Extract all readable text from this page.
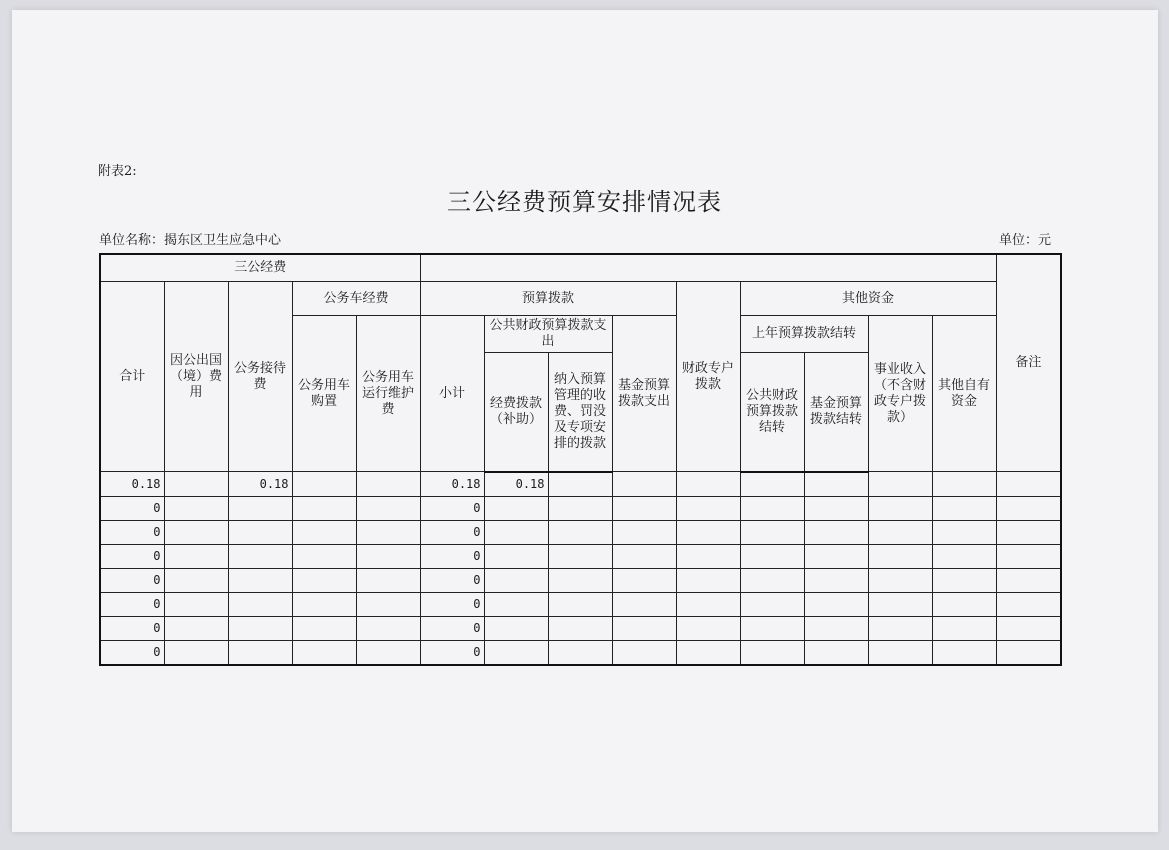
附表2:
三公经费预算安排情况表
单位名称：揭东区卫生应急中心	单位：元
三公经费														备注
合计	因公出国（境）费用	公务接待费	公务车经费		预算拨款				财政专户拨款	其他资金				
			公务用车购置	公务用车运行维护费	小计	公共财政预算拨款支出		基金预算拨款支出		上年预算拨款结转		事业收入（不含财政专户拨款）	其他自有资金	
						经费拨款（补助）	纳入预算管理的收费、罚没及专项安排的拨款			公共财政预算拨款结转	基金预算拨款结转			
0.18		0.18			0.18	0.18								
0					0									
0					0									
0					0									
0					0									
0					0									
0					0									
0					0									
